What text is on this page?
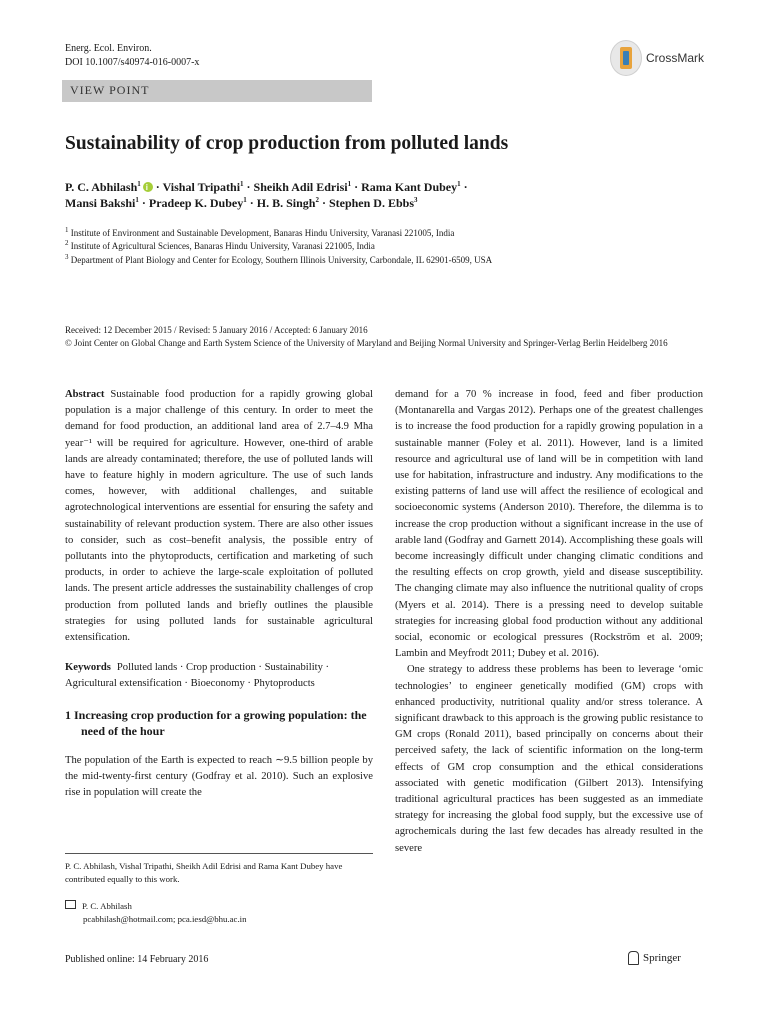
Energ. Ecol. Environ.
DOI 10.1007/s40974-016-0007-x	CrossMark
VIEW POINT
Sustainability of crop production from polluted lands
P. C. Abhilash$^1$i · Vishal Tripathi$^1$ · Sheikh Adil Edrisi$^1$ · Rama Kant Dubey$^1$ ·
Mansi Bakshi$^1$ · Pradeep K. Dubey$^1$ · H. B. Singh$^2$ · Stephen D. Ebbs$^3$
$^1$ Institute of Environment and Sustainable Development, Banaras Hindu University, Varanasi 221005, India
$^2$ Institute of Agricultural Sciences, Banaras Hindu University, Varanasi 221005, India
$^3$ Department of Plant Biology and Center for Ecology, Southern Illinois University, Carbondale, IL 62901-6509, USA
Received: 12 December 2015 / Revised: 5 January 2016 / Accepted: 6 January 2016
© Joint Center on Global Change and Earth System Science of the University of Maryland and Beijing Normal University and Springer-Verlag Berlin Heidelberg 2016

Abstract Sustainable food production for a rapidly growing global population is a major challenge of this century. In order to meet the demand for food production, an additional land area of 2.7–4.9 Mha year⁻¹ will be required for agriculture. However, one-third of arable lands are already contaminated; therefore, the use of polluted lands will have to feature highly in modern agriculture. The use of such lands comes, however, with additional challenges, and suitable agrotechnological interventions are essential for ensuring the safety and sustainability of relevant production system. There are also other issues to consider, such as cost–benefit analysis, the possible entry of pollutants into the phytoproducts, certification and marketing of such products, in order to achieve the large-scale exploitation of polluted lands. The present article addresses the sustainability challenges of crop production from polluted lands and briefly outlines the plausible strategies for using polluted lands for sustainable agricultural extensification.

Keywords Polluted lands · Crop production · Sustainability · Agricultural extensification · Bioeconomy · Phytoproducts

1 Increasing crop production for a growing population: the need of the hour

The population of the Earth is expected to reach ∼9.5 billion people by the mid-twenty-first century (Godfray et al. 2010). Such an explosive rise in population will create the

P. C. Abhilash, Vishal Tripathi, Sheikh Adil Edrisi and Rama Kant Dubey have contributed equally to this work.
P. C. Abhilash
pcabhilash@hotmail.com; pca.iesd@bhu.ac.in

demand for a 70 % increase in food, feed and fiber production (Montanarella and Vargas 2012). Perhaps one of the greatest challenges is to increase the food production for a rapidly growing population in a sustainable manner (Foley et al. 2011). However, land is a limited resource and agricultural use of land will be in competition with land use for habitation, infrastructure and industry. Any modifications to the existing patterns of land use will affect the resilience of ecological and socioeconomic systems (Anderson 2010). Therefore, the dilemma is to increase the crop production without a significant increase in the use of arable land (Godfray and Garnett 2014). Accomplishing these goals will become increasingly difficult under changing climatic conditions and the resulting effects on crop growth, yield and disease susceptibility. The changing climate may also influence the nutritional quality of crops (Myers et al. 2014). There is a pressing need to develop suitable strategies for increasing global food production without any additional social, economic or ecological pressures (Rockström et al. 2009; Lambin and Meyfrodt 2011; Dubey et al. 2016).

One strategy to address these problems has been to leverage ‘omic technologies’ to engineer genetically modified (GM) crops with enhanced productivity, nutritional quality and/or stress tolerance. A significant drawback to this approach is the growing public resistance to GM crops (Ronald 2011), based principally on concerns about their perceived safety, the lack of scientific information on the long-term effects of GM crop consumption and the ethical considerations associated with genetic modification (Gilbert 2013). Intensifying traditional agricultural practices has been suggested as an immediate strategy for increasing the global food supply, but the excessive use of agrochemicals during the last few decades has already resulted in the severe

Published online: 14 February 2016	Springer
